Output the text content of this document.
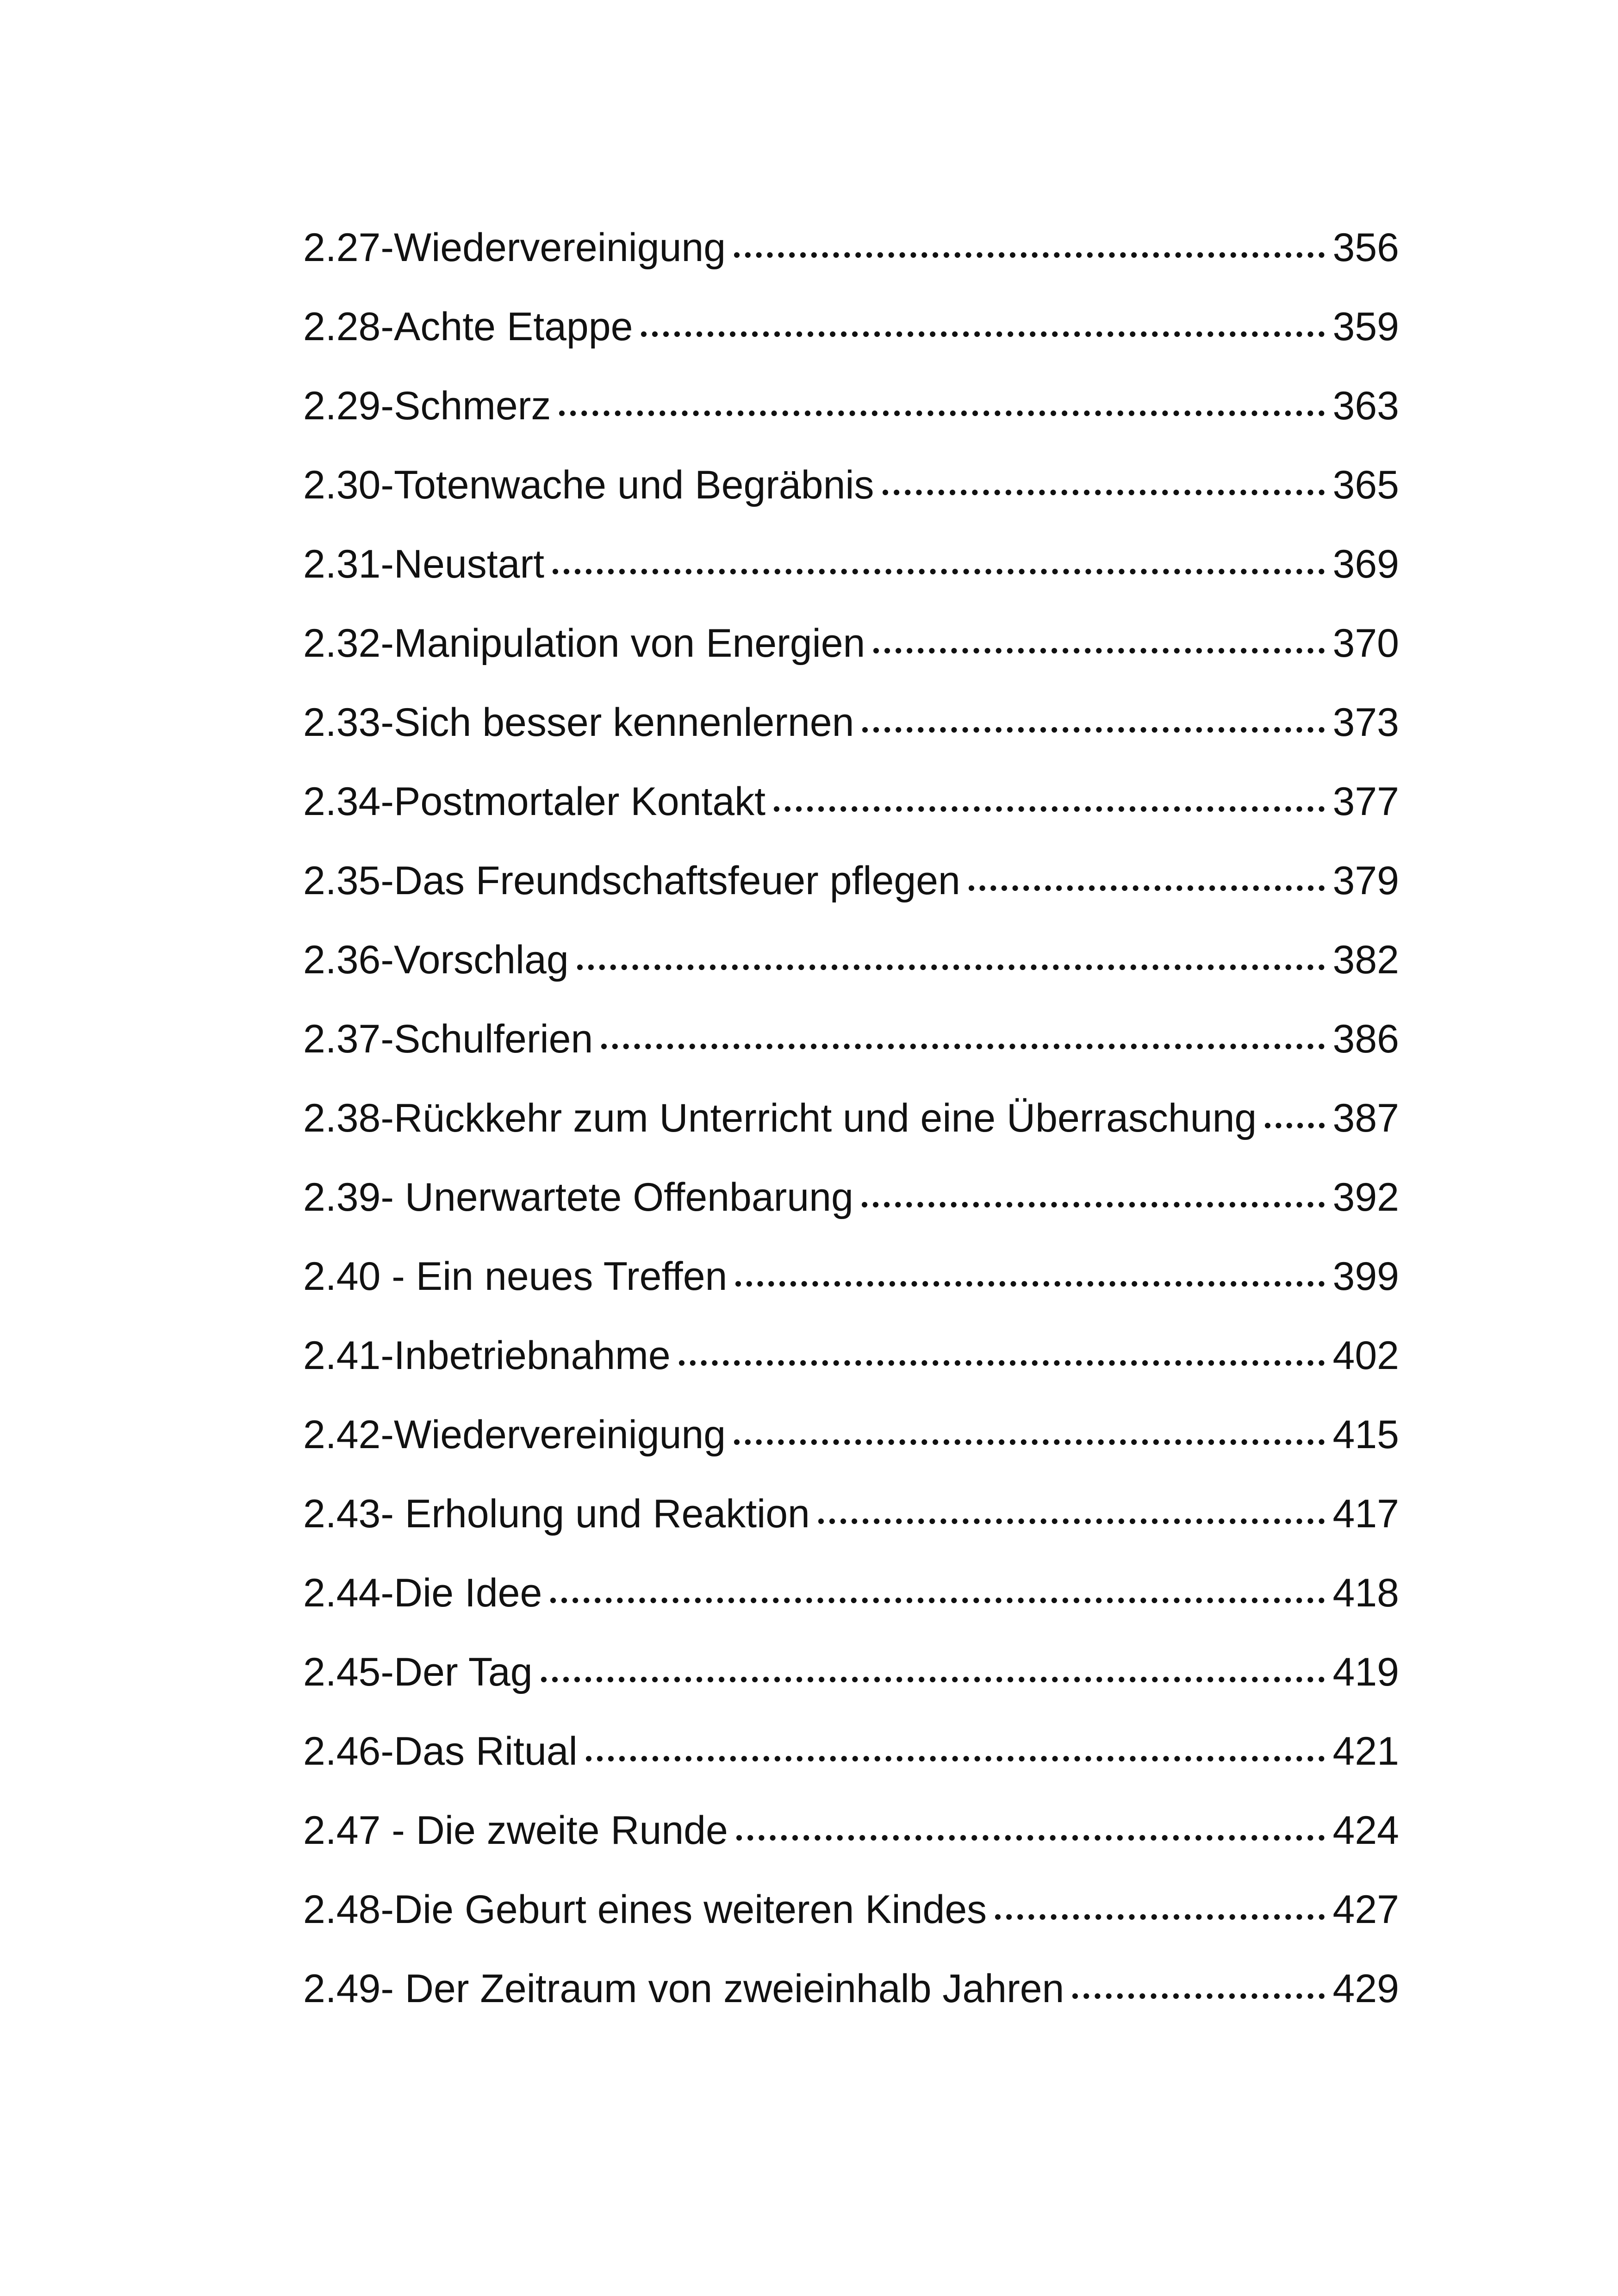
2.27-Wiedervereinigung	356
2.28-Achte Etappe	359
2.29-Schmerz	363
2.30-Totenwache und Begräbnis	365
2.31-Neustart	369
2.32-Manipulation von Energien	370
2.33-Sich besser kennenlernen	373
2.34-Postmortaler Kontakt	377
2.35-Das Freundschaftsfeuer pflegen	379
2.36-Vorschlag	382
2.37-Schulferien	386
2.38-Rückkehr zum Unterricht und eine Überraschung 387
2.39- Unerwartete Offenbarung	392
2.40 - Ein neues Treffen	399
2.41-Inbetriebnahme	402
2.42-Wiedervereinigung	415
2.43- Erholung und Reaktion	417
2.44-Die Idee	418
2.45-Der Tag	419
2.46-Das Ritual	421
2.47 - Die zweite Runde	424
2.48-Die Geburt eines weiteren Kindes	427
2.49- Der Zeitraum von zweieinhalb Jahren	429
